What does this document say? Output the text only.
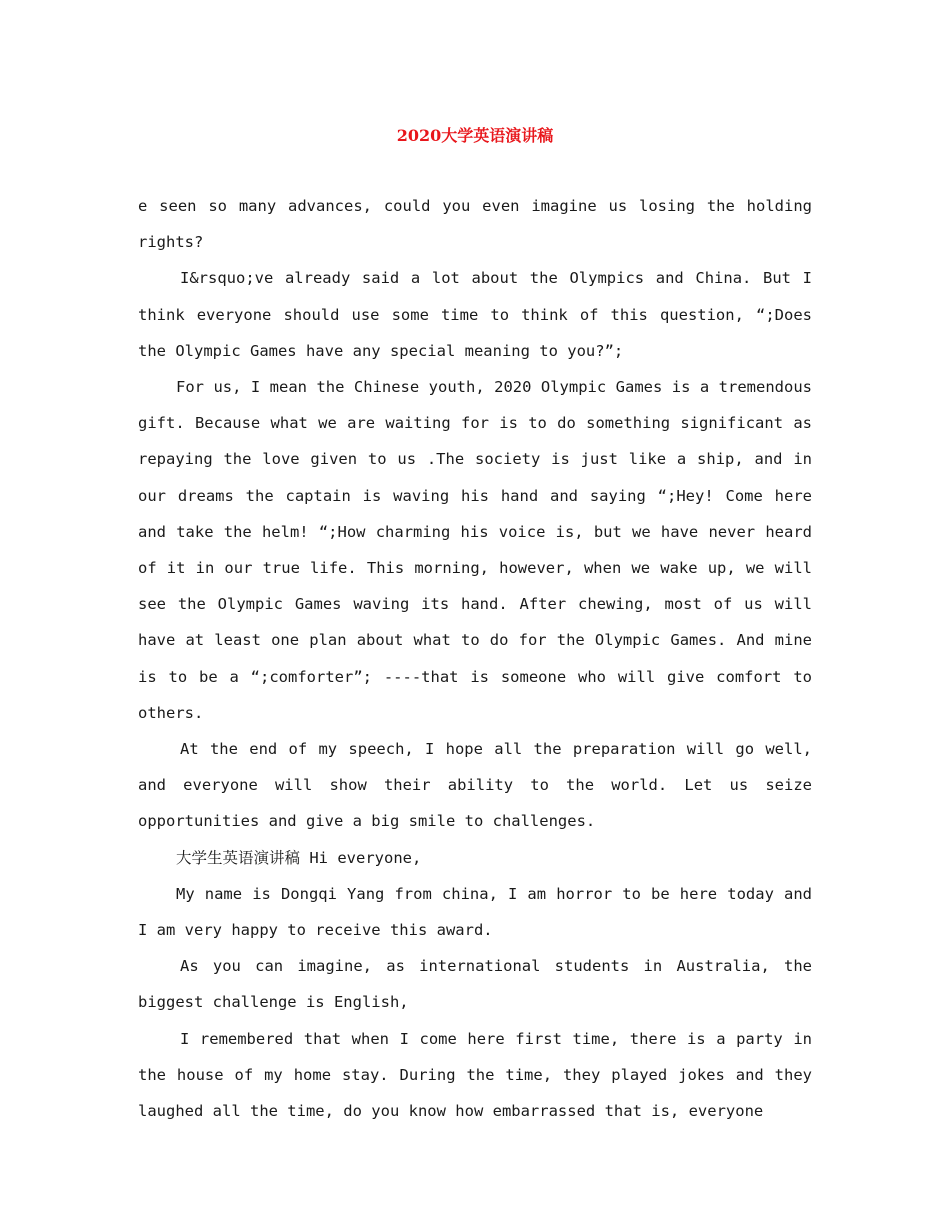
2020大学英语演讲稿

e seen so many advances, could you even imagine us losing the holding rights?

I&rsquo;ve already said a lot about the Olympics and China. But I think everyone should use some time to think of this question, “;Does the Olympic Games have any special meaning to you?”;

For us, I mean the Chinese youth, 2020 Olympic Games is a tremendous gift. Because what we are waiting for is to do something significant as repaying the love given to us .The society is just like a ship, and in our dreams the captain is waving his hand and saying “;Hey! Come here and take the helm! “;How charming his voice is, but we have never heard of it in our true life. This morning, however, when we wake up, we will see the Olympic Games waving its hand. After chewing, most of us will have at least one plan about what to do for the Olympic Games. And mine is to be a “;comforter”; ----that is someone who will give comfort to others.

At the end of my speech, I hope all the preparation will go well, and everyone will show their ability to the world. Let us seize opportunities and give a big smile to challenges.

大学生英语演讲稿 Hi everyone,

My name is Dongqi Yang from china, I am horror to be here today and I am very happy to receive this award.

As you can imagine, as international students in Australia, the biggest challenge is English,

I remembered that when I come here first time, there is a party in the house of my home stay. During the time, they played jokes and they laughed all the time, do you know how embarrassed that is, everyone
